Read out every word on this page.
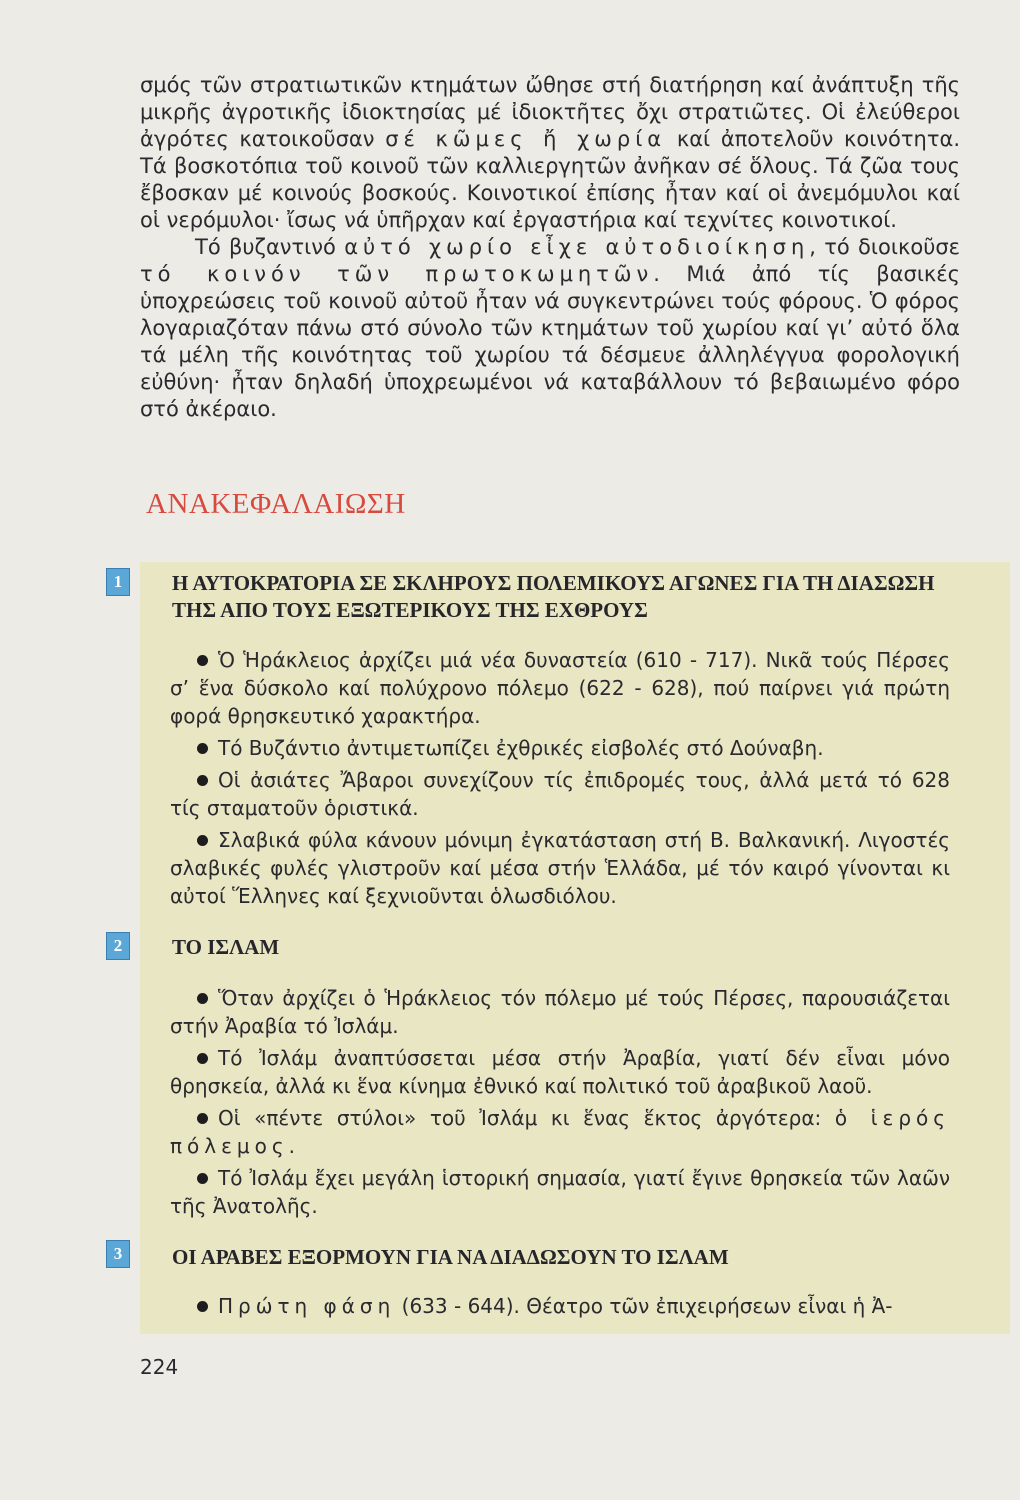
σμός τῶν στρατιωτικῶν κτημάτων ὤθησε στή διατήρηση καί ἀνάπτυξη τῆς μικρῆς ἀγροτικῆς ἰδιοκτησίας μέ ἰδιοκτῆτες ὄχι στρατιῶτες. Οἱ ἐλεύθεροι ἀγρότες κατοικοῦσαν σέ κῶμες ἤ χωρία καί ἀποτελοῦν κοινότητα. Τά βοσκοτόπια τοῦ κοινοῦ τῶν καλλιεργητῶν ἀνῆκαν σέ ὅλους. Τά ζῶα τους ἔβοσκαν μέ κοινούς βοσκούς. Κοινοτικοί ἐπίσης ἦταν καί οἱ ἀνεμόμυλοι καί οἱ νερόμυλοι· ἴσως νά ὑπῆρχαν καί ἐργαστήρια καί τεχνίτες κοινοτικοί.

Τό βυζαντινό αὐτό χωρίο εἶχε αὐτοδιοίκηση, τό διοικοῦσε τό κοινόν τῶν πρωτοκωμητῶν. Μιά ἀπό τίς βασικές ὑποχρεώσεις τοῦ κοινοῦ αὐτοῦ ἦταν νά συγκεντρώνει τούς φόρους. Ὁ φόρος λογαριαζόταν πάνω στό σύνολο τῶν κτημάτων τοῦ χωρίου καί γι’ αὐτό ὅλα τά μέλη τῆς κοινότητας τοῦ χωρίου τά δέσμευε ἀλληλέγγυα φορολογική εὐθύνη· ἦταν δηλαδή ὑποχρεωμένοι νά καταβάλλουν τό βεβαιωμένο φόρο στό ἀκέραιο.

ΑΝΑΚΕΦΑΛΑΙΩΣΗ
1	Η ΑΥΤΟΚΡΑΤΟΡΙΑ ΣΕ ΣΚΛΗΡΟΥΣ ΠΟΛΕΜΙΚΟΥΣ ΑΓΩΝΕΣ ΓΙΑ ΤΗ ΔΙΑΣΩΣΗ ΤΗΣ ΑΠΟ ΤΟΥΣ ΕΞΩΤΕΡΙΚΟΥΣ ΤΗΣ ΕΧΘΡΟΥΣ

Ὁ Ἡράκλειος ἀρχίζει μιά νέα δυναστεία (610 - 717). Νικᾶ τούς Πέρσες σ’ ἕνα δύσκολο καί πολύχρονο πόλεμο (622 - 628), πού παίρνει γιά πρώτη φορά θρησκευτικό χαρακτήρα.

Τό Βυζάντιο ἀντιμετωπίζει ἐχθρικές εἰσβολές στό Δούναβη.

Οἱ ἀσιάτες Ἄβαροι συνεχίζουν τίς ἐπιδρομές τους, ἀλλά μετά τό 628 τίς σταματοῦν ὁριστικά.

Σλαβικά φύλα κάνουν μόνιμη ἐγκατάσταση στή Β. Βαλκανική. Λιγοστές σλαβικές φυλές γλιστροῦν καί μέσα στήν Ἑλλάδα, μέ τόν καιρό γίνονται κι αὐτοί Ἕλληνες καί ξεχνιοῦνται ὁλωσδιόλου.

2	ΤΟ ΙΣΛΑΜ

Ὅταν ἀρχίζει ὁ Ἡράκλειος τόν πόλεμο μέ τούς Πέρσες, παρουσιάζεται στήν Ἀραβία τό Ἰσλάμ.

Τό Ἰσλάμ ἀναπτύσσεται μέσα στήν Ἀραβία, γιατί δέν εἶναι μόνο θρησκεία, ἀλλά κι ἕνα κίνημα ἐθνικό καί πολιτικό τοῦ ἀραβικοῦ λαοῦ.

Οἱ «πέντε στύλοι» τοῦ Ἰσλάμ κι ἕνας ἕκτος ἀργότερα: ὁ ἱερός πόλεμος.

Τό Ἰσλάμ ἔχει μεγάλη ἱστορική σημασία, γιατί ἔγινε θρησκεία τῶν λαῶν τῆς Ἀνατολῆς.

3	ΟΙ ΑΡΑΒΕΣ ΕΞΟΡΜΟΥΝ ΓΙΑ ΝΑ ΔΙΑΔΩΣΟΥΝ ΤΟ ΙΣΛΑΜ

Πρώτη φάση (633 - 644). Θέατρο τῶν ἐπιχειρήσεων εἶναι ἡ Ἀ-

224
